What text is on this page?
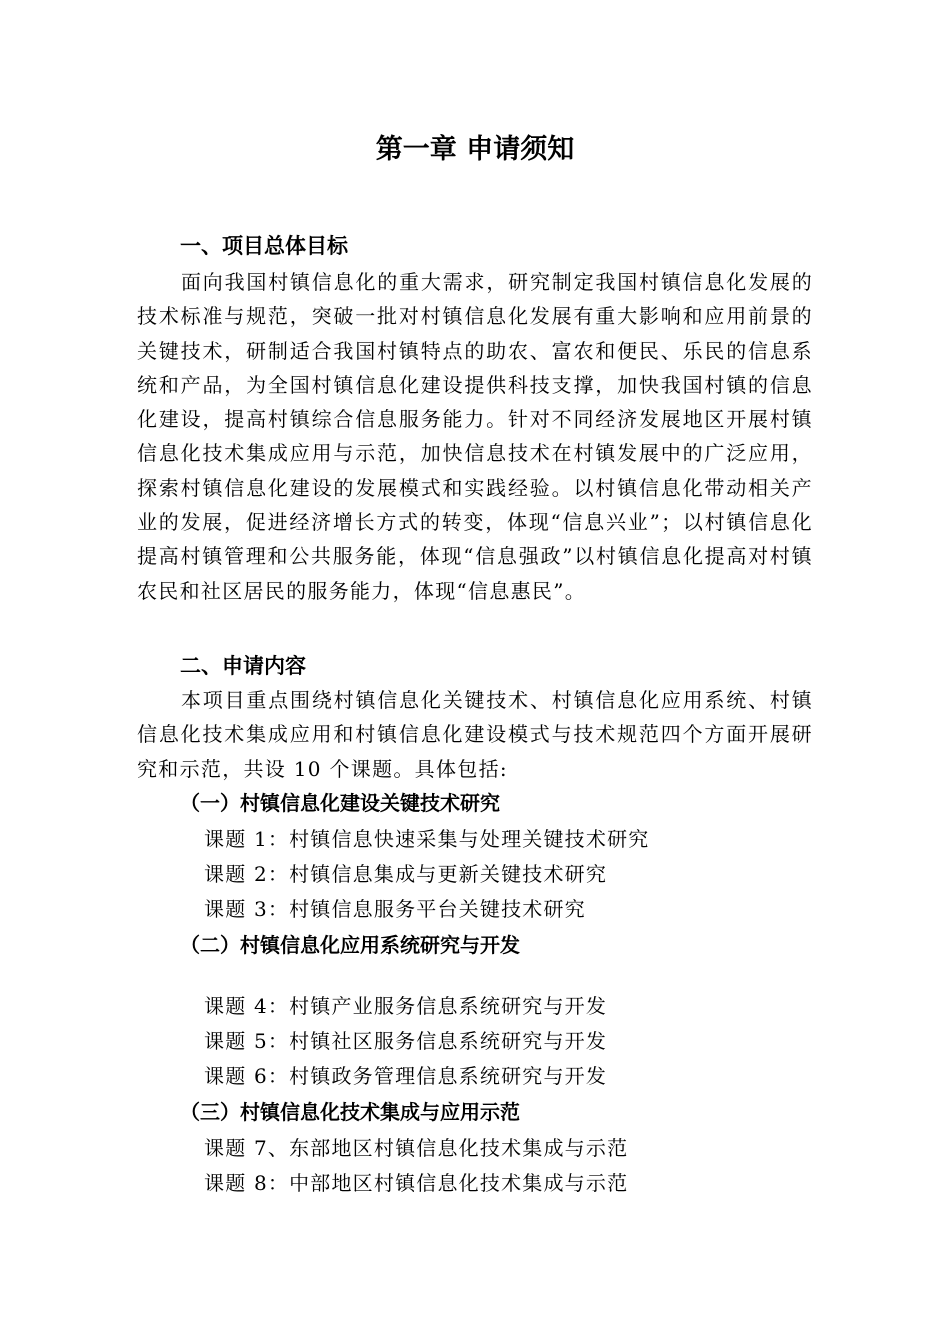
第一章 申请须知
一、项目总体目标

面向我国村镇信息化的重大需求，研究制定我国村镇信息化发展的技术标准与规范，突破一批对村镇信息化发展有重大影响和应用前景的关键技术，研制适合我国村镇特点的助农、富农和便民、乐民的信息系统和产品，为全国村镇信息化建设提供科技支撑，加快我国村镇的信息化建设，提高村镇综合信息服务能力。针对不同经济发展地区开展村镇信息化技术集成应用与示范，加快信息技术在村镇发展中的广泛应用，探索村镇信息化建设的发展模式和实践经验。以村镇信息化带动相关产业的发展，促进经济增长方式的转变，体现“信息兴业”；以村镇信息化提高村镇管理和公共服务能，体现“信息强政”以村镇信息化提高对村镇农民和社区居民的服务能力，体现“信息惠民”。

二、申请内容

本项目重点围绕村镇信息化关键技术、村镇信息化应用系统、村镇信息化技术集成应用和村镇信息化建设模式与技术规范四个方面开展研究和示范，共设 10 个课题。具体包括:

（一）村镇信息化建设关键技术研究

课题 1：村镇信息快速采集与处理关键技术研究

课题 2：村镇信息集成与更新关键技术研究

课题 3：村镇信息服务平台关键技术研究

（二）村镇信息化应用系统研究与开发

课题 4：村镇产业服务信息系统研究与开发

课题 5：村镇社区服务信息系统研究与开发

课题 6：村镇政务管理信息系统研究与开发

（三）村镇信息化技术集成与应用示范

课题 7、东部地区村镇信息化技术集成与示范

课题 8：中部地区村镇信息化技术集成与示范
